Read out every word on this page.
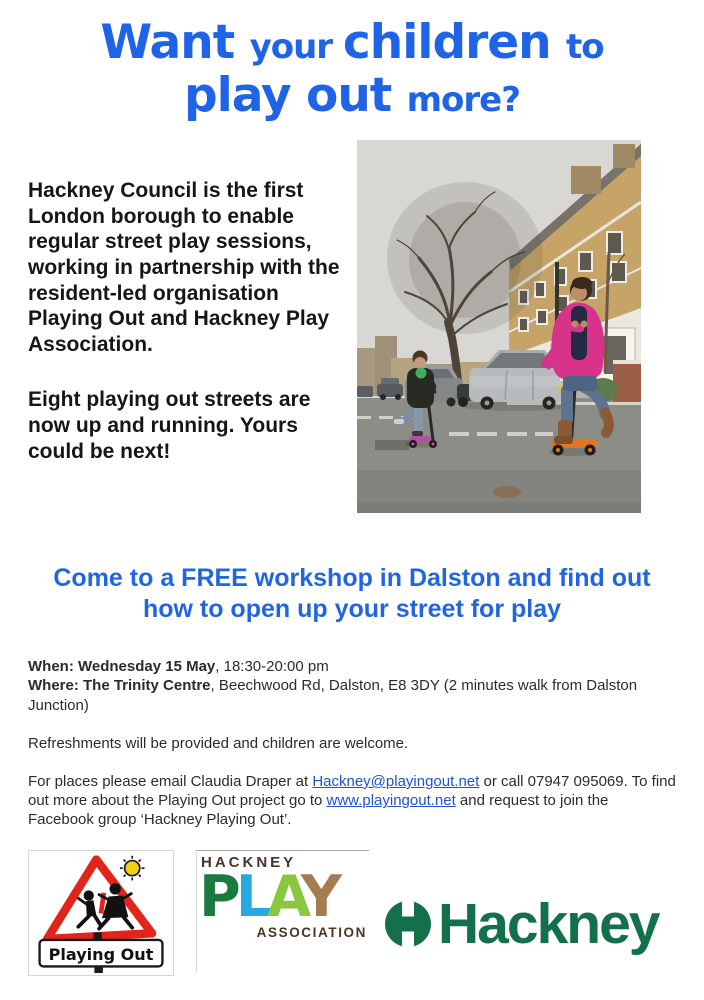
Want your children to
play out more?

Hackney Council is the first London borough to enable regular street play sessions, working in partnership with the resident-led organisation Playing Out and Hackney Play Association.

Eight playing out streets are now up and running. Yours could be next!

Come to a FREE workshop in Dalston and find out how to open up your street for play

When: Wednesday 15 May, 18:30-20:00 pm
Where: The Trinity Centre, Beechwood Rd, Dalston, E8 3DY (2 minutes walk from Dalston Junction)

Refreshments will be provided and children are welcome.

For places please email Claudia Draper at Hackney@playingout.net or call 07947 095069. To find out more about the Playing Out project go to www.playingout.net and request to join the Facebook group ‘Hackney Playing Out’.

Playing Out
HACKNEY
PLAY
ASSOCIATION Hackney
